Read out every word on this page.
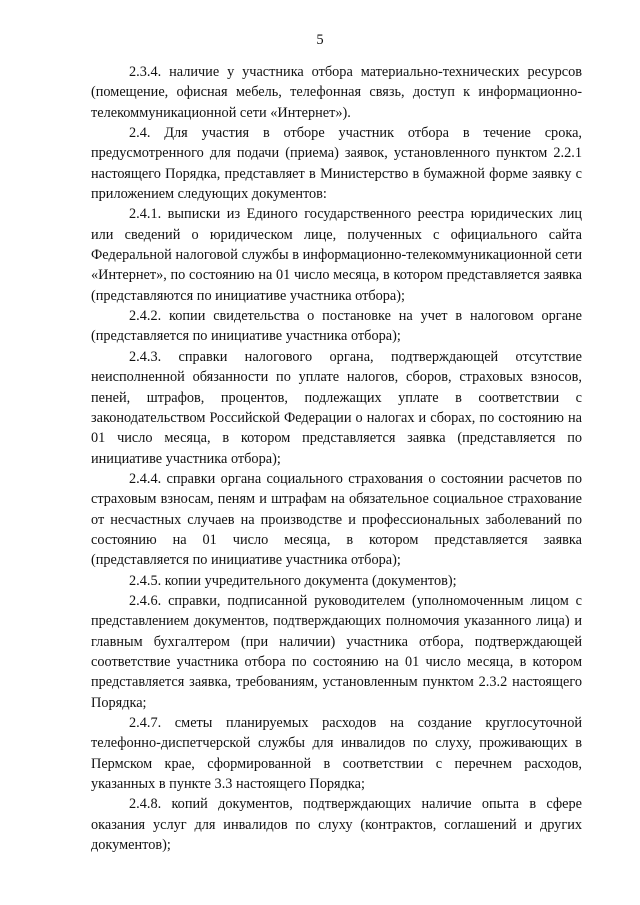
5

2.3.4. наличие у участника отбора материально-технических ресурсов (помещение, офисная мебель, телефонная связь, доступ к информационно-телекоммуникационной сети «Интернет»).

2.4. Для участия в отборе участник отбора в течение срока, предусмотренного для подачи (приема) заявок, установленного пунктом 2.2.1 настоящего Порядка, представляет в Министерство в бумажной форме заявку с приложением следующих документов:

2.4.1. выписки из Единого государственного реестра юридических лиц или сведений о юридическом лице, полученных с официального сайта Федеральной налоговой службы в информационно-телекоммуникационной сети «Интернет», по состоянию на 01 число месяца, в котором представляется заявка (представляются по инициативе участника отбора);

2.4.2. копии свидетельства о постановке на учет в налоговом органе (представляется по инициативе участника отбора);

2.4.3. справки налогового органа, подтверждающей отсутствие неисполненной обязанности по уплате налогов, сборов, страховых взносов, пеней, штрафов, процентов, подлежащих уплате в соответствии с законодательством Российской Федерации о налогах и сборах, по состоянию на 01 число месяца, в котором представляется заявка (представляется по инициативе участника отбора);

2.4.4. справки органа социального страхования о состоянии расчетов по страховым взносам, пеням и штрафам на обязательное социальное страхование от несчастных случаев на производстве и профессиональных заболеваний по состоянию на 01 число месяца, в котором представляется заявка (представляется по инициативе участника отбора);

2.4.5. копии учредительного документа (документов);

2.4.6. справки, подписанной руководителем (уполномоченным лицом с представлением документов, подтверждающих полномочия указанного лица) и главным бухгалтером (при наличии) участника отбора, подтверждающей соответствие участника отбора по состоянию на 01 число месяца, в котором представляется заявка, требованиям, установленным пунктом 2.3.2 настоящего Порядка;

2.4.7. сметы планируемых расходов на создание круглосуточной телефонно-диспетчерской службы для инвалидов по слуху, проживающих в Пермском крае, сформированной в соответствии с перечнем расходов, указанных в пункте 3.3 настоящего Порядка;

2.4.8. копий документов, подтверждающих наличие опыта в сфере оказания услуг для инвалидов по слуху (контрактов, соглашений и других документов);
